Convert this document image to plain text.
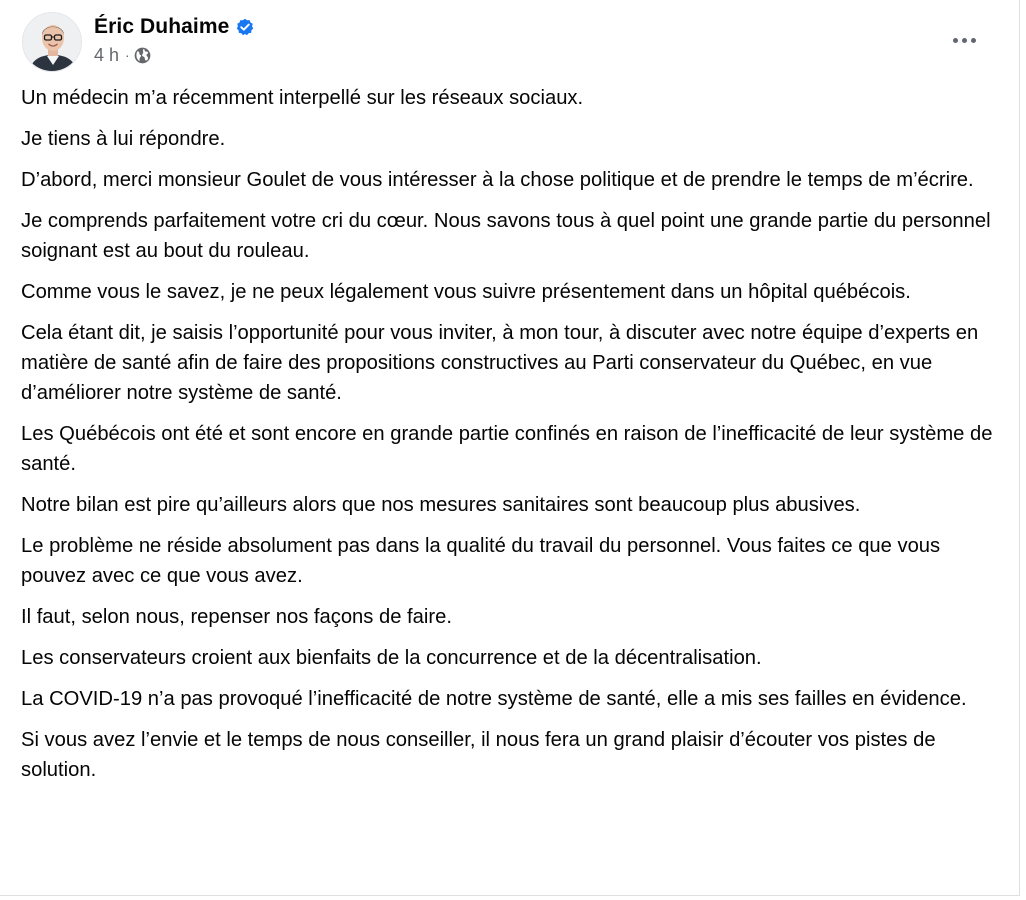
Éric Duhaime
4 h ·

Un médecin m’a récemment interpellé sur les réseaux sociaux.

Je tiens à lui répondre.

D’abord, merci monsieur Goulet de vous intéresser à la chose politique et de prendre le temps de m’écrire.

Je comprends parfaitement votre cri du cœur. Nous savons tous à quel point une grande partie du personnel soignant est au bout du rouleau.

Comme vous le savez, je ne peux légalement vous suivre présentement dans un hôpital québécois.

Cela étant dit, je saisis l’opportunité pour vous inviter, à mon tour, à discuter avec notre équipe d’experts en matière de santé afin de faire des propositions constructives au Parti conservateur du Québec, en vue d’améliorer notre système de santé.

Les Québécois ont été et sont encore en grande partie confinés en raison de l’inefficacité de leur système de santé.

Notre bilan est pire qu’ailleurs alors que nos mesures sanitaires sont beaucoup plus abusives.

Le problème ne réside absolument pas dans la qualité du travail du personnel. Vous faites ce que vous pouvez avec ce que vous avez.

Il faut, selon nous, repenser nos façons de faire.

Les conservateurs croient aux bienfaits de la concurrence et de la décentralisation.

La COVID-19 n’a pas provoqué l’inefficacité de notre système de santé, elle a mis ses failles en évidence.

Si vous avez l’envie et le temps de nous conseiller, il nous fera un grand plaisir d’écouter vos pistes de solution.
